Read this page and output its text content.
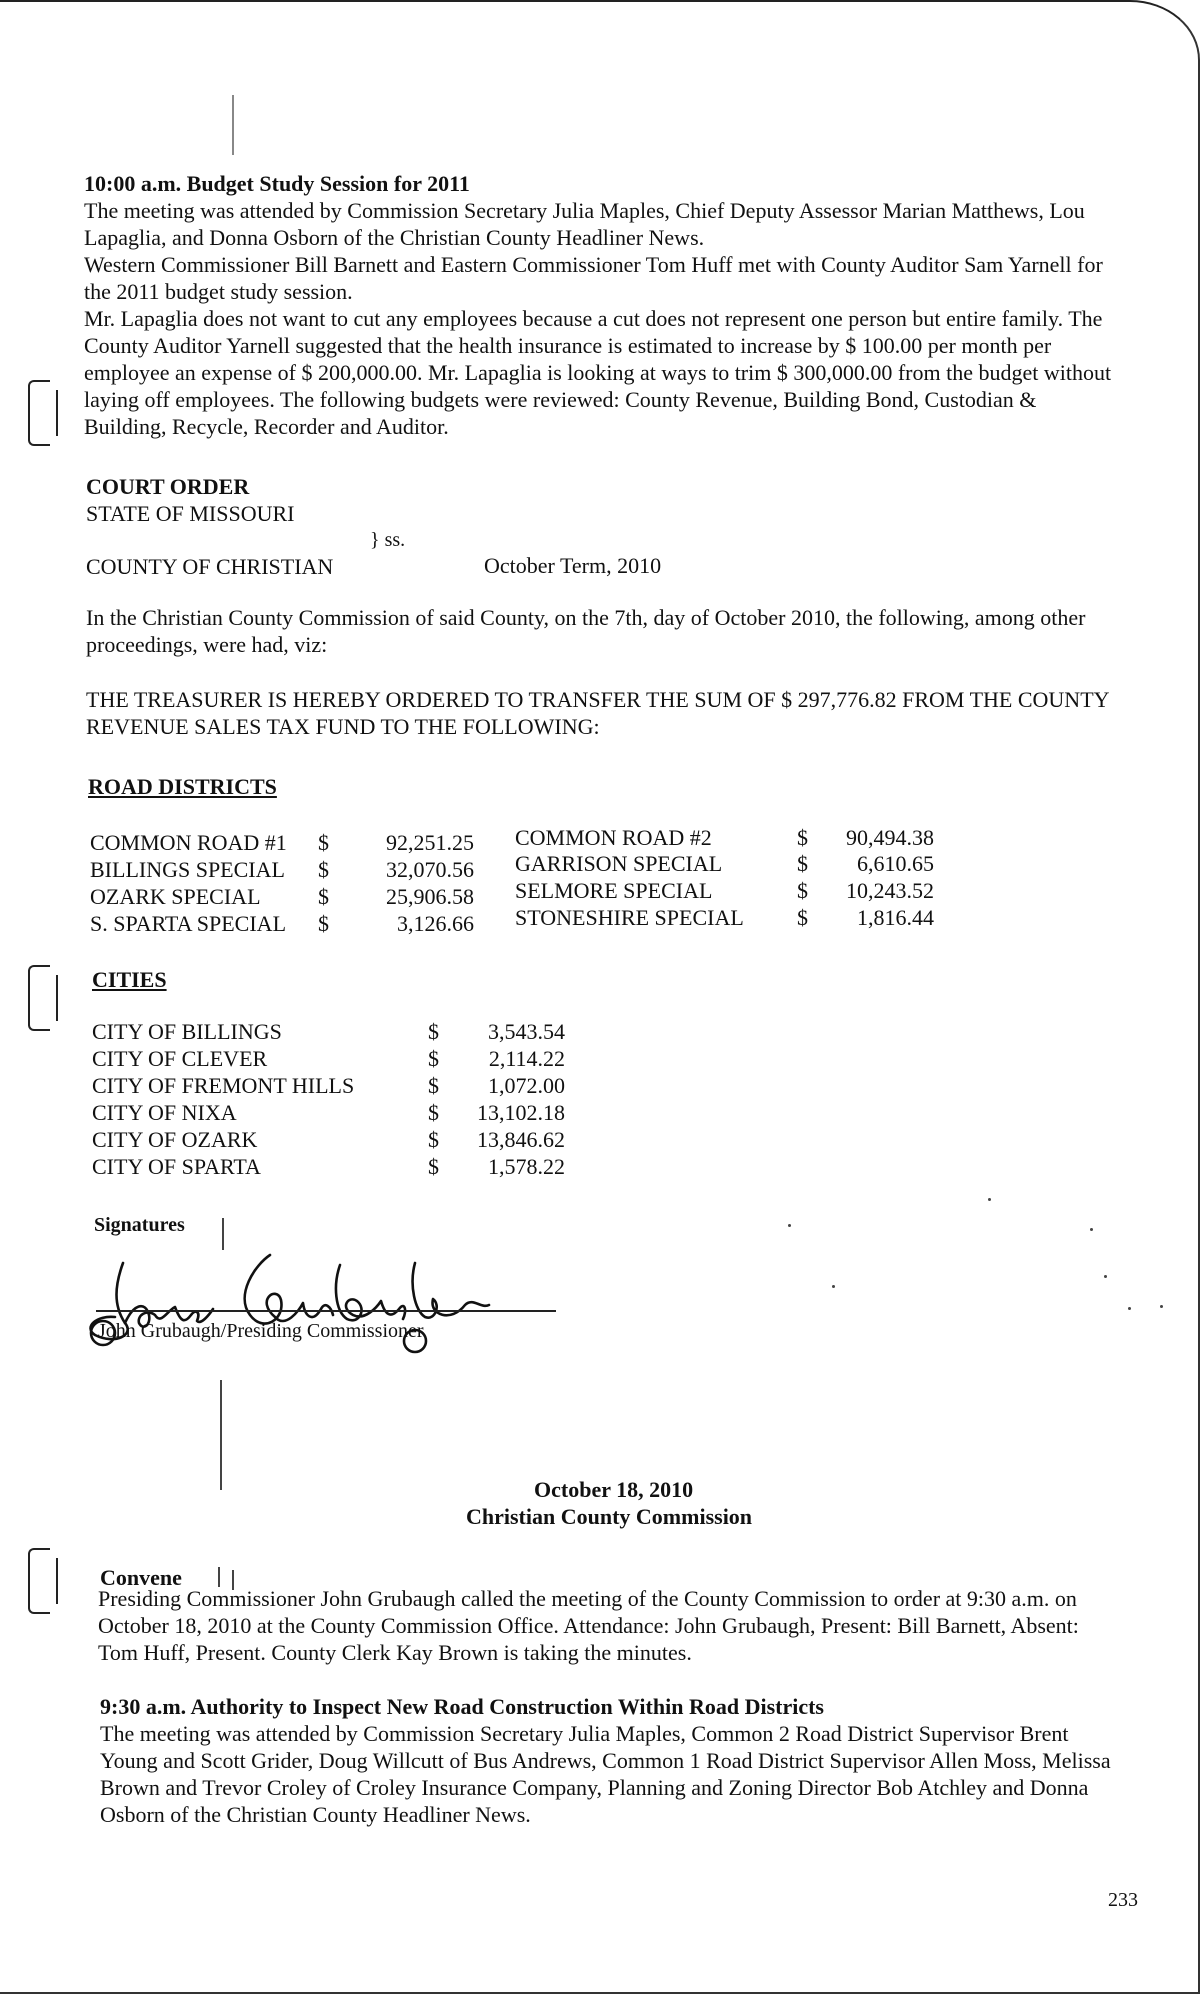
10:00 a.m. Budget Study Session for 2011
The meeting was attended by Commission Secretary Julia Maples, Chief Deputy Assessor Marian Matthews, Lou Lapaglia, and Donna Osborn of the Christian County Headliner News.
Western Commissioner Bill Barnett and Eastern Commissioner Tom Huff met with County Auditor Sam Yarnell for the 2011 budget study session.
Mr. Lapaglia does not want to cut any employees because a cut does not represent one person but entire family. The County Auditor Yarnell suggested that the health insurance is estimated to increase by $ 100.00 per month per employee an expense of $ 200,000.00. Mr. Lapaglia is looking at ways to trim $ 300,000.00 from the budget without laying off employees. The following budgets were reviewed: County Revenue, Building Bond, Custodian & Building, Recycle, Recorder and Auditor.
COURT ORDER
STATE OF MISSOURI
} ss.
COUNTY OF CHRISTIAN	October Term, 2010
In the Christian County Commission of said County, on the 7th, day of October 2010, the following, among other proceedings, were had, viz:
THE TREASURER IS HEREBY ORDERED TO TRANSFER THE SUM OF $ 297,776.82 FROM THE COUNTY REVENUE SALES TAX FUND TO THE FOLLOWING:
ROAD DISTRICTS
COMMON ROAD #1 $	92,251.25
BILLINGS SPECIAL $	32,070.56
OZARK SPECIAL	$	25,906.58
S. SPARTA SPECIAL $	3,126.66
COMMON ROAD #2	$	90,494.38
GARRISON SPECIAL	$	6,610.65
SELMORE SPECIAL	$	10,243.52
STONESHIRE SPECIAL $	1,816.44
CITIES
CITY OF BILLINGS	$	3,543.54
CITY OF CLEVER	$	2,114.22
CITY OF FREMONT HILLS	$	1,072.00
CITY OF NIXA	$	13,102.18
CITY OF OZARK	$	13,846.62
CITY OF SPARTA	$	1,578.22
Signatures
John Grubaugh/Presiding Commissioner
October 18, 2010
Christian County Commission
Convene
Presiding Commissioner John Grubaugh called the meeting of the County Commission to order at 9:30 a.m. on October 18, 2010 at the County Commission Office. Attendance: John Grubaugh, Present: Bill Barnett, Absent: Tom Huff, Present. County Clerk Kay Brown is taking the minutes.
9:30 a.m. Authority to Inspect New Road Construction Within Road Districts
The meeting was attended by Commission Secretary Julia Maples, Common 2 Road District Supervisor Brent Young and Scott Grider, Doug Willcutt of Bus Andrews, Common 1 Road District Supervisor Allen Moss, Melissa Brown and Trevor Croley of Croley Insurance Company, Planning and Zoning Director Bob Atchley and Donna Osborn of the Christian County Headliner News.
233
